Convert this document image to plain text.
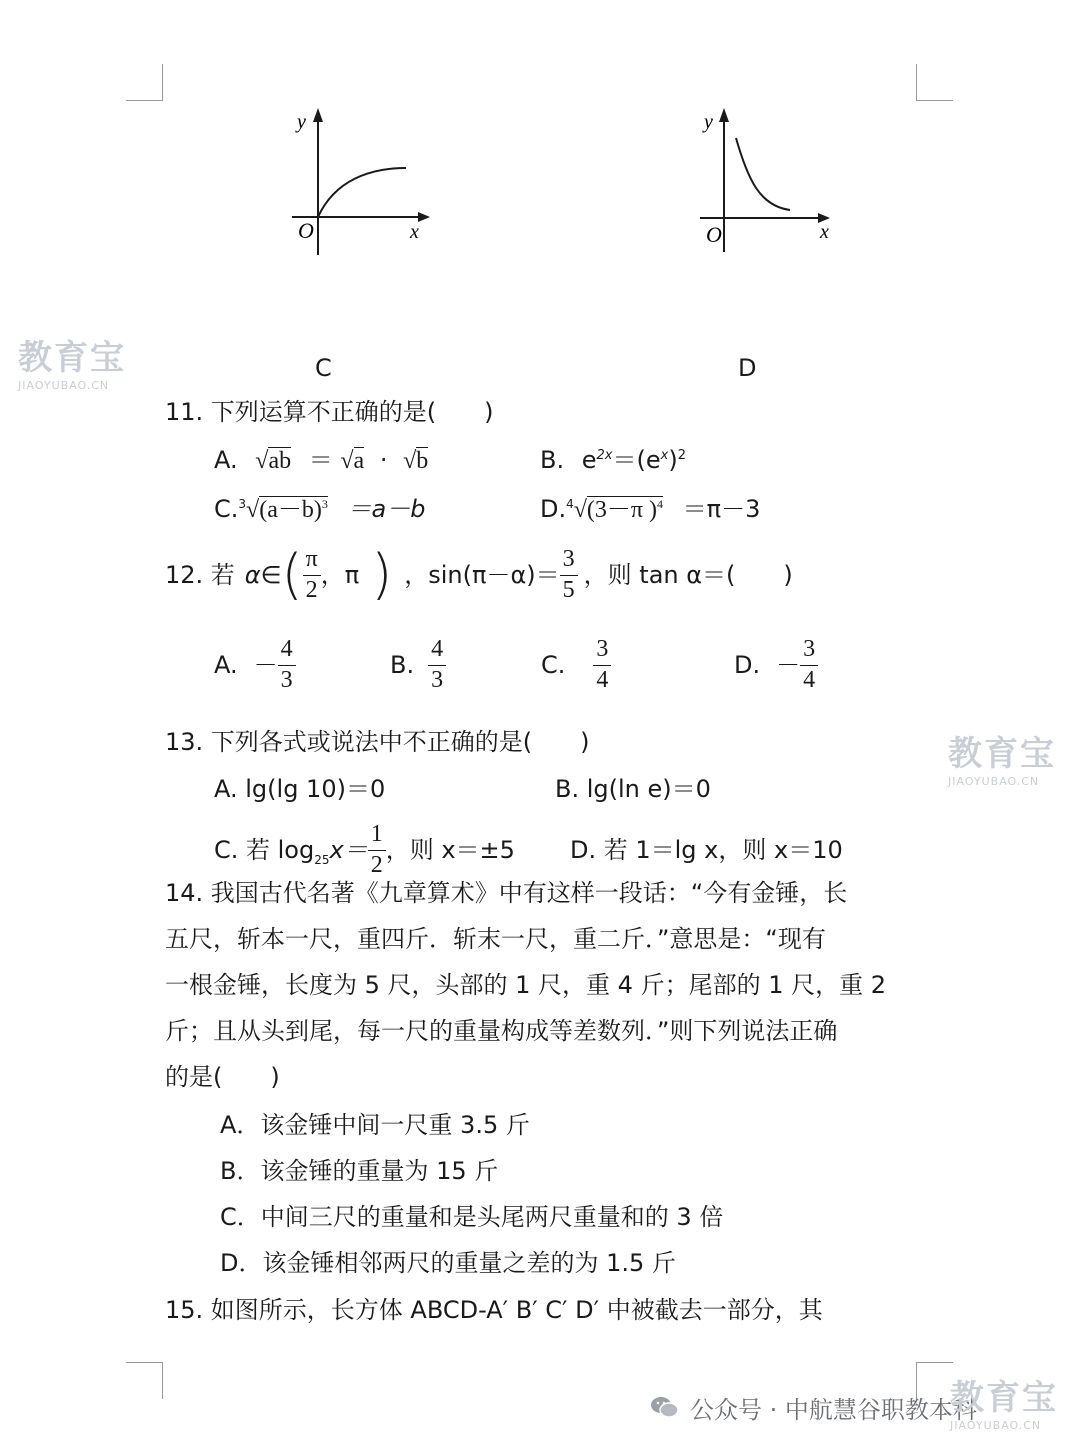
y
x
O
C
y
x
O
D
教育宝
JIAOYUBAO.CN
11. 下列运算不正确的是(　　)
A. √ab ＝ √a · √b	B. $e^{2x}=(e^x)^2$
$C.^3√(a-b)^3 =a-b$	D.$^4$√(3－π )$^4$ ＝π－3
12. 若 α∈ ( $\frac{\pi}{2}$ ，π ) ，$\sin(\pi-\alpha)= \frac{3}{5}$ ，则 tan α＝(　　)
A. － $\frac{4}{3}$	B. $\frac{4}{3}$	C. $\frac{3}{4}$	D. － $\frac{3}{4}$
教育宝
JIAOYUBAO.CN
13. 下列各式或说法中不正确的是(　　)
A. lg(lg 10)＝0	B. lg(ln e)＝0
C. 若 $\log_{25} x= \frac{1}{2}$ ，则 x＝±5 D. 若 1＝lg x，则 x＝10
14. 我国古代名著《九章算术》中有这样一段话：“今有金锤，长
五尺，斩本一尺，重四斤．斩末一尺，重二斤．”意思是：“现有
一根金锤，长度为 5 尺，头部的 1 尺，重 4 斤；尾部的 1 尺，重 2
斤；且从头到尾，每一尺的重量构成等差数列．”则下列说法正确
的是(　　)
A．该金锤中间一尺重 3.5 斤
B．该金锤的重量为 15 斤
C．中间三尺的重量和是头尾两尺重量和的 3 倍
D．该金锤相邻两尺的重量之差的为 1.5 斤
15. 如图所示，长方体 ABCD-A′ B′ C′ D′ 中被截去一部分，其
公众号 · 中航慧谷职教本科
教育宝
JIAOYUBAO.CN
